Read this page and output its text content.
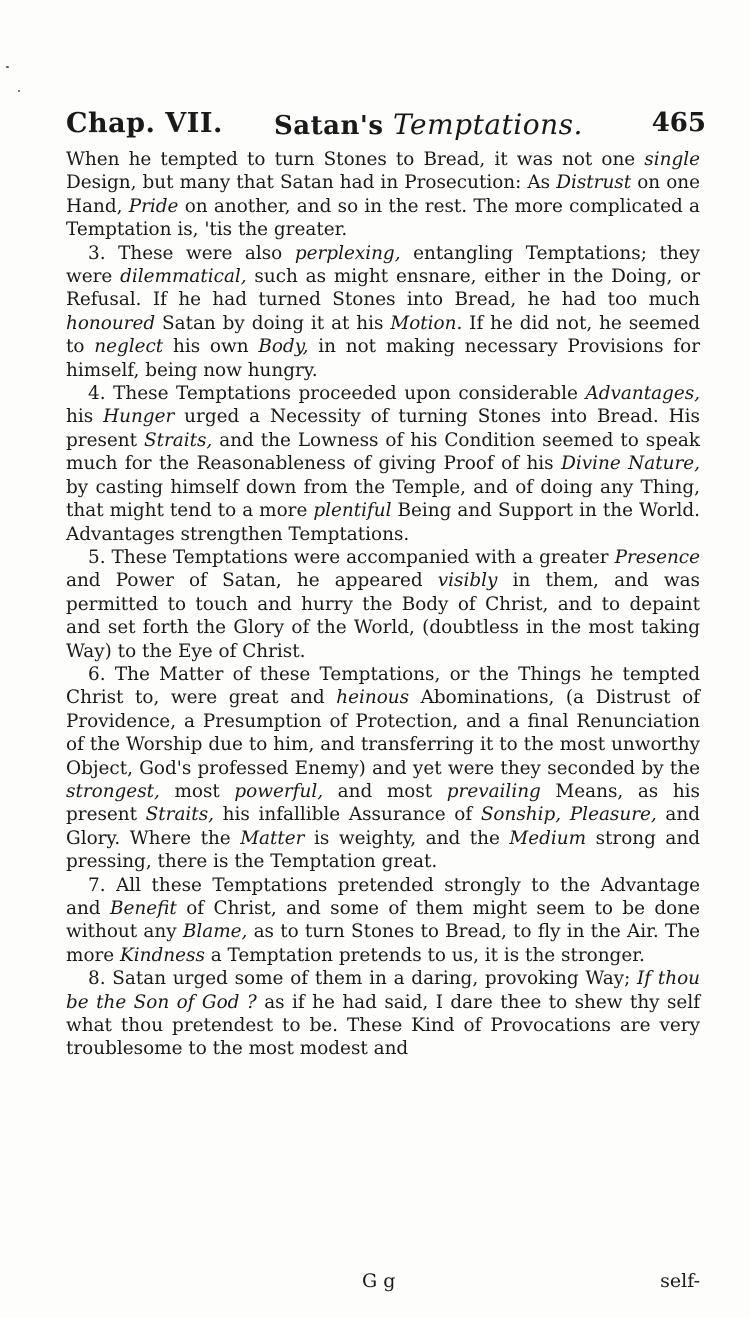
Chap. VII. Satan's Temptations.	465

When he tempted to turn Stones to Bread, it was not one single Design, but many that Satan had in Prosecution: As Distrust on one Hand, Pride on another, and so in the rest. The more complicated a Temptation is, 'tis the greater.

3. These were also perplexing, entangling Temptations; they were dilemmatical, such as might ensnare, either in the Doing, or Refusal. If he had turned Stones into Bread, he had too much honoured Satan by doing it at his Motion. If he did not, he seemed to neglect his own Body, in not making necessary Provisions for himself, being now hungry.

4. These Temptations proceeded upon considerable Advantages, his Hunger urged a Necessity of turning Stones into Bread. His present Straits, and the Lowness of his Condition seemed to speak much for the Reasonableness of giving Proof of his Divine Nature, by casting himself down from the Temple, and of doing any Thing, that might tend to a more plentiful Being and Support in the World. Advantages strengthen Temptations.

5. These Temptations were accompanied with a greater Presence and Power of Satan, he appeared visibly in them, and was permitted to touch and hurry the Body of Christ, and to depaint and set forth the Glory of the World, (doubtless in the most taking Way) to the Eye of Christ.

6. The Matter of these Temptations, or the Things he tempted Christ to, were great and heinous Abominations, (a Distrust of Providence, a Presumption of Protection, and a final Renunciation of the Worship due to him, and transferring it to the most unworthy Object, God's professed Enemy) and yet were they seconded by the strongest, most powerful, and most prevailing Means, as his present Straits, his infallible Assurance of Sonship, Pleasure, and Glory. Where the Matter is weighty, and the Medium strong and pressing, there is the Temptation great.

7. All these Temptations pretended strongly to the Advantage and Benefit of Christ, and some of them might seem to be done without any Blame, as to turn Stones to Bread, to fly in the Air. The more Kindness a Temptation pretends to us, it is the stronger.

8. Satan urged some of them in a daring, provoking Way; If thou be the Son of God ? as if he had said, I dare thee to shew thy self what thou pretendest to be. These Kind of Provocations are very troublesome to the most modest and

G g	self-
